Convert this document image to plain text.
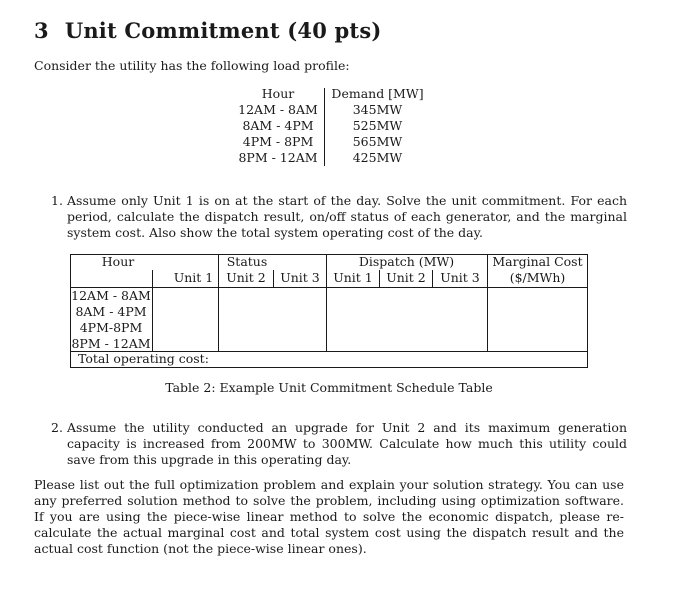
3 Unit Commitment (40 pts)
Consider the utility has the following load profile:
Hour	Demand [MW]
12AM - 8AM	345MW
8AM - 4PM	525MW
4PM - 8PM	565MW
8PM - 12AM	425MW
1. Assume only Unit 1 is on at the start of the day. Solve the unit commitment. For each period, calculate the dispatch result, on/off status of each generator, and the marginal system cost. Also show the total system operating cost of the day.
Hour	Status	Dispatch (MW)	Marginal Cost
($/MWh)
Unit 1	Unit 2	Unit 3	Unit 1	Unit 2	Unit 3
12AM - 8AM
8AM - 4PM
4PM-8PM
8PM - 12AM
Total operating cost:
Table 2: Example Unit Commitment Schedule Table
2. Assume the utility conducted an upgrade for Unit 2 and its maximum generation capacity is increased from 200MW to 300MW. Calculate how much this utility could save from this upgrade in this operating day.
Please list out the full optimization problem and explain your solution strategy. You can use any preferred solution method to solve the problem, including using optimization software. If you are using the piece-wise linear method to solve the economic dispatch, please re-calculate the actual marginal cost and total system cost using the dispatch result and the actual cost function (not the piece-wise linear ones).
